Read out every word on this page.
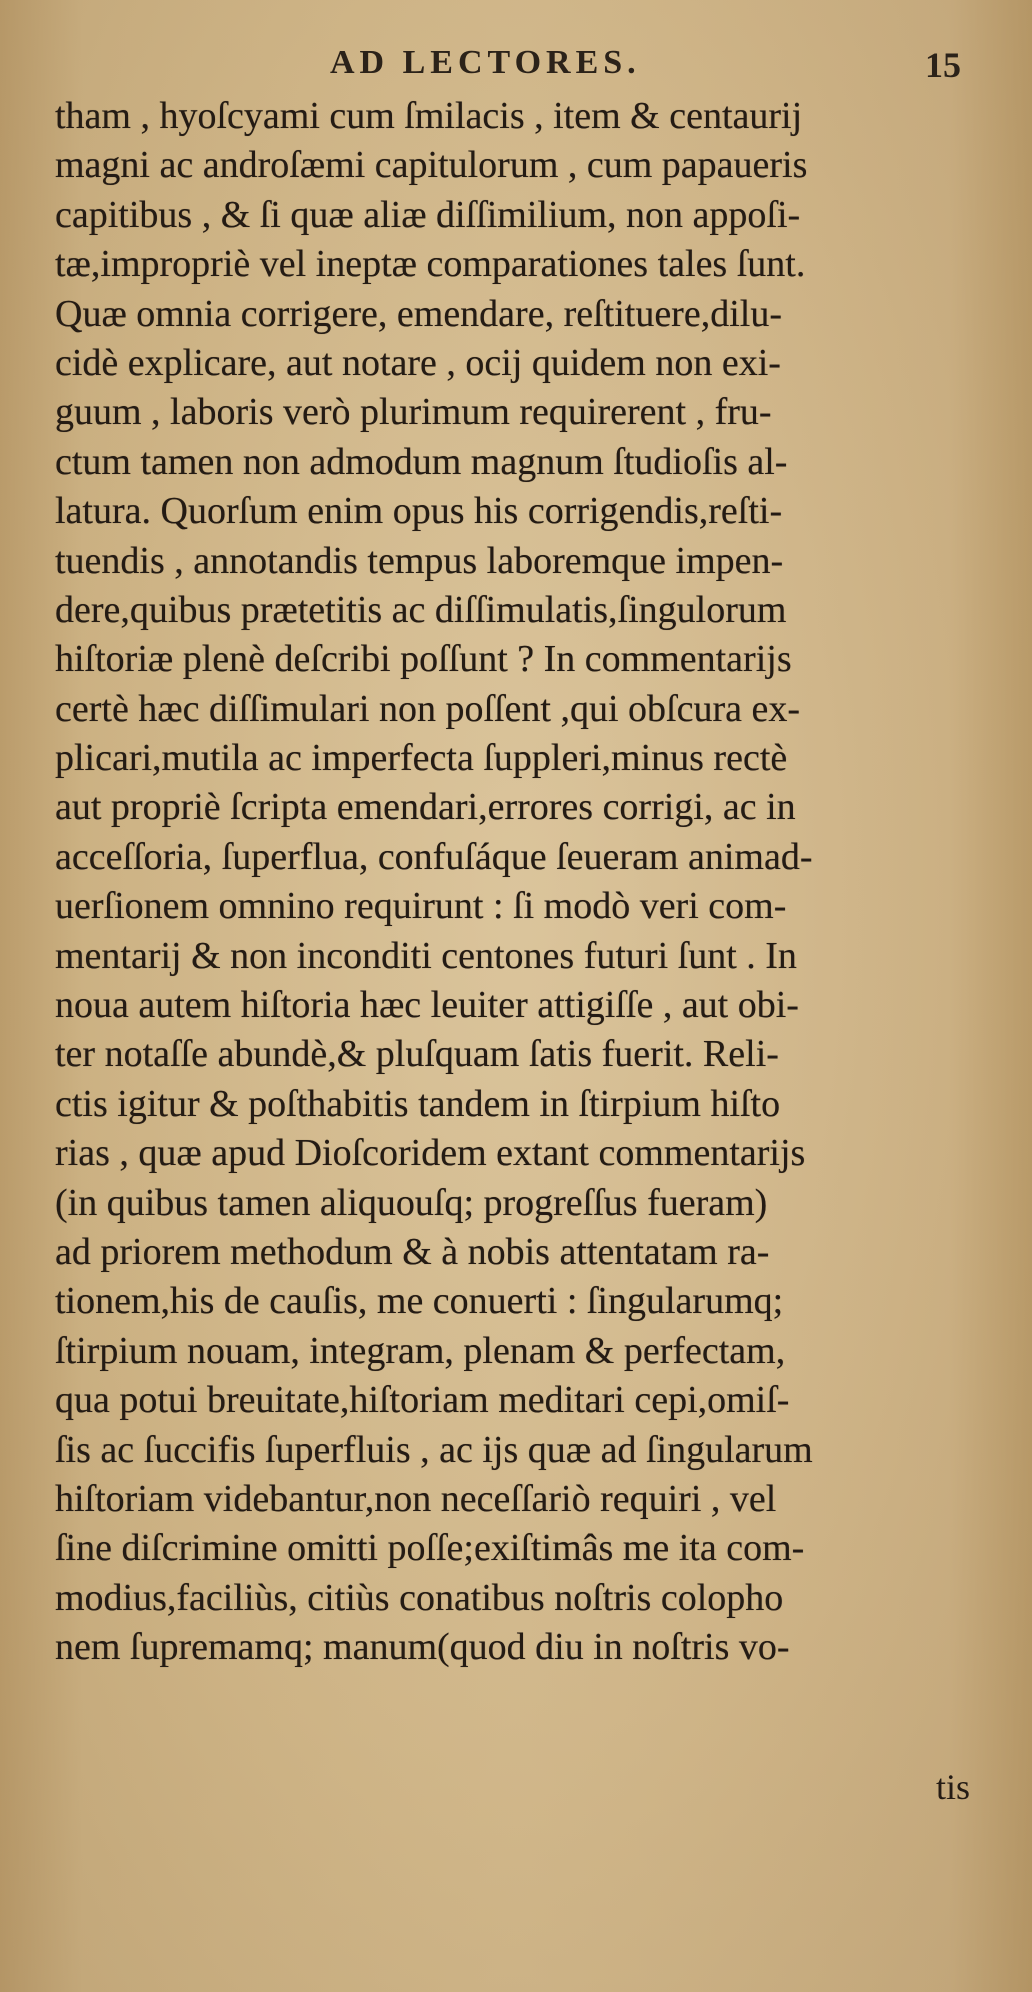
AD LECTORES.	15
tham , hyoſcyami cum ſmilacis , item & centaurij
magni ac androſæmi capitulorum , cum papaueris
capitibus , & ſi quæ aliæ diſſimilium, non appoſi-
tæ,impropriè vel ineptæ comparationes tales ſunt.
Quæ omnia corrigere, emendare, reſtituere,dilu-
cidè explicare, aut notare , ocij quidem non exi-
guum , laboris verò plurimum requirerent , fru-
ctum tamen non admodum magnum ſtudioſis al-
latura. Quorſum enim opus his corrigendis,reſti-
tuendis , annotandis tempus laboremque impen-
dere,quibus prætetitis ac diſſimulatis,ſingulorum
hiſtoriæ plenè deſcribi poſſunt ? In commentarijs
certè hæc diſſimulari non poſſent ,qui obſcura ex-
plicari,mutila ac imperfecta ſuppleri,minus rectè
aut propriè ſcripta emendari,errores corrigi, ac in
acceſſoria, ſuperflua, confuſáque ſeueram animad-
uerſionem omnino requirunt : ſi modò veri com-
mentarij & non inconditi centones futuri ſunt . In
noua autem hiſtoria hæc leuiter attigiſſe , aut obi-
ter notaſſe abundè,& pluſquam ſatis fuerit. Reli-
ctis igitur & poſthabitis tandem in ſtirpium hiſto
rias , quæ apud Dioſcoridem extant commentarijs
(in quibus tamen aliquouſq; progreſſus fueram)
ad priorem methodum & à nobis attentatam ra-
tionem,his de cauſis, me conuerti : ſingularumq;
ſtirpium nouam, integram, plenam & perfectam,
qua potui breuitate,hiſtoriam meditari cepi,omiſ-
ſis ac ſuccifis ſuperfluis , ac ijs quæ ad ſingularum
hiſtoriam videbantur,non neceſſariò requiri , vel
ſine diſcrimine omitti poſſe;exiſtimâs me ita com-
modius,faciliùs, citiùs conatibus noſtris colopho
nem ſupremamq; manum(quod diu in noſtris vo-
tis
